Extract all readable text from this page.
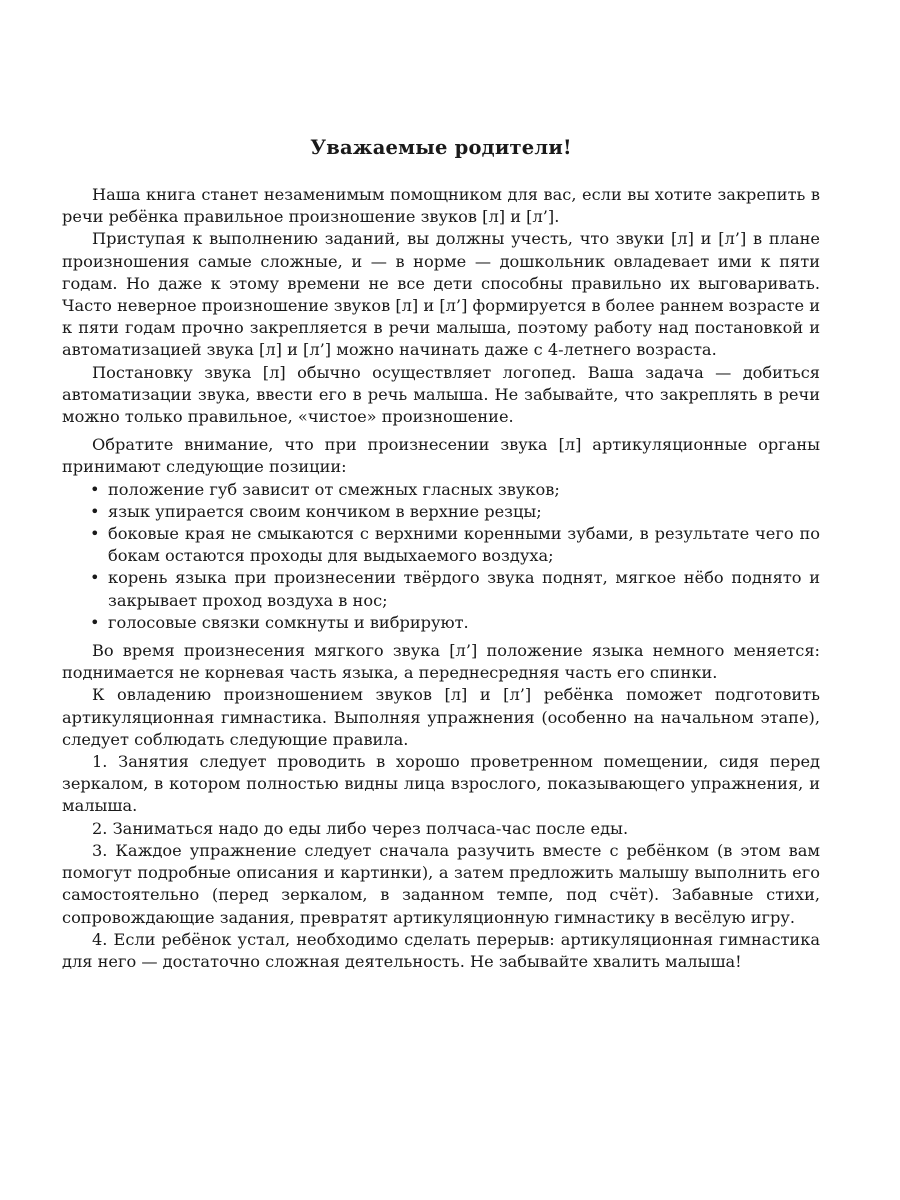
Уважаемые родители!

Наша книга станет незаменимым помощником для вас, если вы хотите закрепить в речи ребёнка правильное произношение звуков [л] и [л’].

Приступая к выполнению заданий, вы должны учесть, что звуки [л] и [л’] в плане произношения самые сложные, и — в норме — дошкольник овладевает ими к пяти годам. Но даже к этому времени не все дети способны правильно их выговаривать. Часто неверное произношение звуков [л] и [л’] формируется в более раннем возрасте и к пяти годам прочно закрепляется в речи малыша, поэтому работу над постановкой и автоматизацией звука [л] и [л’] можно начинать даже с 4-летнего возраста.

Постановку звука [л] обычно осуществляет логопед. Ваша задача — добиться автоматизации звука, ввести его в речь малыша. Не забывайте, что закреплять в речи можно только правильное, «чистое» произношение.

Обратите внимание, что при произнесении звука [л] артикуляционные органы принимают следующие позиции:

• положение губ зависит от смежных гласных звуков;
• язык упирается своим кончиком в верхние резцы;
• боковые края не смыкаются с верхними коренными зубами, в результате чего по бокам остаются проходы для выдыхаемого воздуха;
• корень языка при произнесении твёрдого звука поднят, мягкое нёбо поднято и закрывает проход воздуха в нос;
• голосовые связки сомкнуты и вибрируют.

Во время произнесения мягкого звука [л’] положение языка немного меняется: поднимается не корневая часть языка, а переднесредняя часть его спинки.

К овладению произношением звуков [л] и [л’] ребёнка поможет подготовить артикуляционная гимнастика. Выполняя упражнения (особенно на начальном этапе), следует соблюдать следующие правила.

1. Занятия следует проводить в хорошо проветренном помещении, сидя перед зеркалом, в котором полностью видны лица взрослого, показывающего упражнения, и малыша.

2. Заниматься надо до еды либо через полчаса-час после еды.

3. Каждое упражнение следует сначала разучить вместе с ребёнком (в этом вам помогут подробные описания и картинки), а затем предложить малышу выполнить его самостоятельно (перед зеркалом, в заданном темпе, под счёт). Забавные стихи, сопровождающие задания, превратят артикуляционную гимнастику в весёлую игру.

4. Если ребёнок устал, необходимо сделать перерыв: артикуляционная гимнастика для него — достаточно сложная деятельность. Не забывайте хвалить малыша!
